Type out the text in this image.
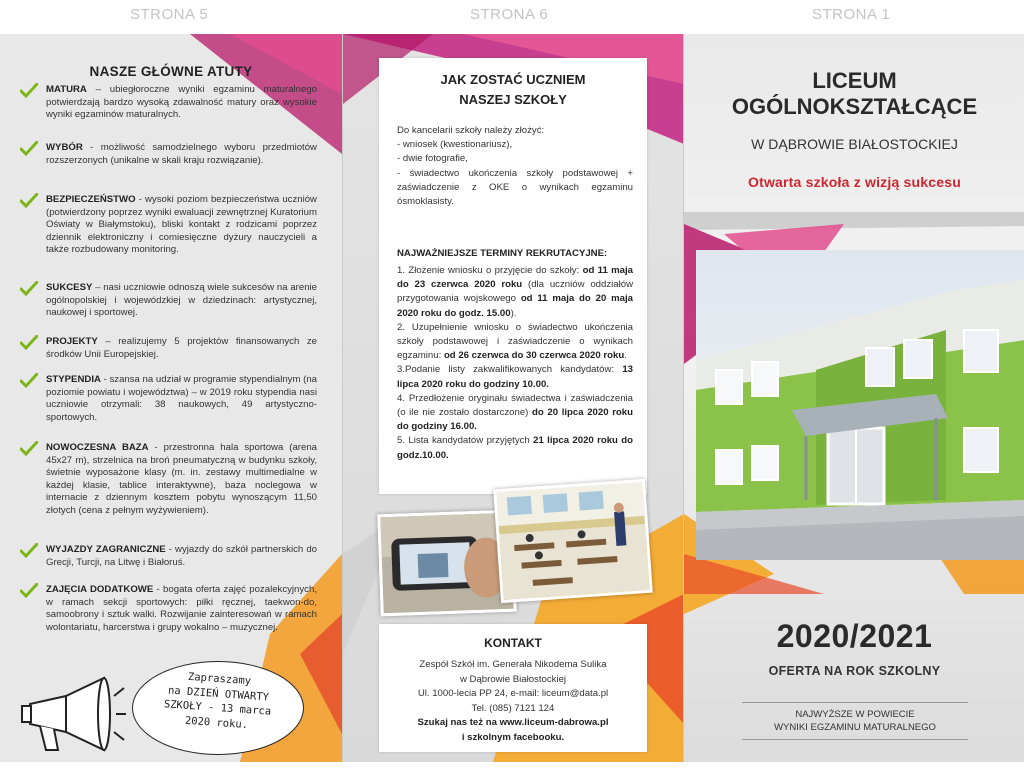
STRONA 5	STRONA 6	STRONA 1
NASZE GŁÓWNE ATUTY

MATURA – ubiegłoroczne wyniki egzaminu maturalnego potwierdzają bardzo wysoką zdawalność matury oraz wysokie wyniki egzaminów maturalnych.

WYBÓR - możliwość samodzielnego wyboru przedmiotów rozszerzonych (unikalne w skali kraju rozwiązanie).

BEZPIECZEŃSTWO - wysoki poziom bezpieczeństwa uczniów (potwierdzony poprzez wyniki ewaluacji zewnętrznej Kuratorium Oświaty w Białymstoku), bliski kontakt z rodzicami poprzez dziennik elektroniczny i comiesięczne dyżury nauczycieli a także rozbudowany monitoring.

SUKCESY – nasi uczniowie odnoszą wiele sukcesów na arenie ogólnopolskiej i wojewódzkiej w dziedzinach: artystycznej, naukowej i sportowej.

PROJEKTY – realizujemy 5 projektów finansowanych ze środków Unii Europejskiej.

STYPENDIA - szansa na udział w programie stypendialnym (na poziomie powiatu i województwa) – w 2019 roku stypendia nasi uczniowie otrzymali: 38 naukowych, 49 artystyczno-sportowych.

NOWOCZESNA BAZA - przestronna hala sportowa (arena 45x27 m), strzelnica na broń pneumatyczną w budynku szkoły, świetnie wyposażone klasy (m. in. zestawy multimedialne w każdej klasie, tablice interaktywne), baza noclegowa w internacie z dziennym kosztem pobytu wynoszącym 11,50 złotych (cena z pełnym wyżywieniem).

WYJAZDY ZAGRANICZNE - wyjazdy do szkół partnerskich do Grecji, Turcji, na Litwę i Białoruś.

ZAJĘCIA DODATKOWE - bogata oferta zajęć pozalekcyjnych, w ramach sekcji sportowych: piłki ręcznej, taekwon-do, samoobrony i sztuk walki. Rozwijanie zainteresowań w ramach wolontariatu, harcerstwa i grupy wokalno – muzycznej.

Zapraszamy
na DZIEŃ OTWARTY
SZKOŁY - 13 marca
2020 roku.
JAK ZOSTAĆ UCZNIEM
NASZEJ SZKOŁY
Do kancelarii szkoły należy złożyć:
- wniosek (kwestionariusz),
- dwie fotografie,
- świadectwo ukończenia szkoły podstawowej + zaświadczenie z OKE o wynikach egzaminu ósmoklasisty.
NAJWAŻNIEJSZE TERMINY REKRUTACYJNE:
1. Złożenie wniosku o przyjęcie do szkoły: od 11 maja do 23 czerwca 2020 roku (dla uczniów oddziałów przygotowania wojskowego od 11 maja do 20 maja 2020 roku do godz. 15.00).
2. Uzupełnienie wniosku o świadectwo ukończenia szkoły podstawowej i zaświadczenie o wynikach egzaminu: od 26 czerwca do 30 czerwca 2020 roku.
3.Podanie listy zakwalifikowanych kandydatów: 13 lipca 2020 roku do godziny 10.00.
4. Przedłożenie oryginału świadectwa i zaświadczenia (o ile nie zostało dostarczone) do 20 lipca 2020 roku do godziny 16.00.
5. Lista kandydatów przyjętych 21 lipca 2020 roku do godz.10.00.
KONTAKT
Zespół Szkół im. Generała Nikodema Sulika
w Dąbrowie Białostockiej
Ul. 1000-lecia PP 24, e-mail: liceum@data.pl
Tel. (085) 7121 124
Szukaj nas też na www.liceum-dabrowa.pl
i szkolnym facebooku.
LICEUM
OGÓLNOKSZTAŁCĄCE
W DĄBROWIE BIAŁOSTOCKIEJ
Otwarta szkoła z wizją sukcesu
2020/2021
OFERTA NA ROK SZKOLNY
NAJWYŻSZE W POWIECIE
WYNIKI EGZAMINU MATURALNEGO
